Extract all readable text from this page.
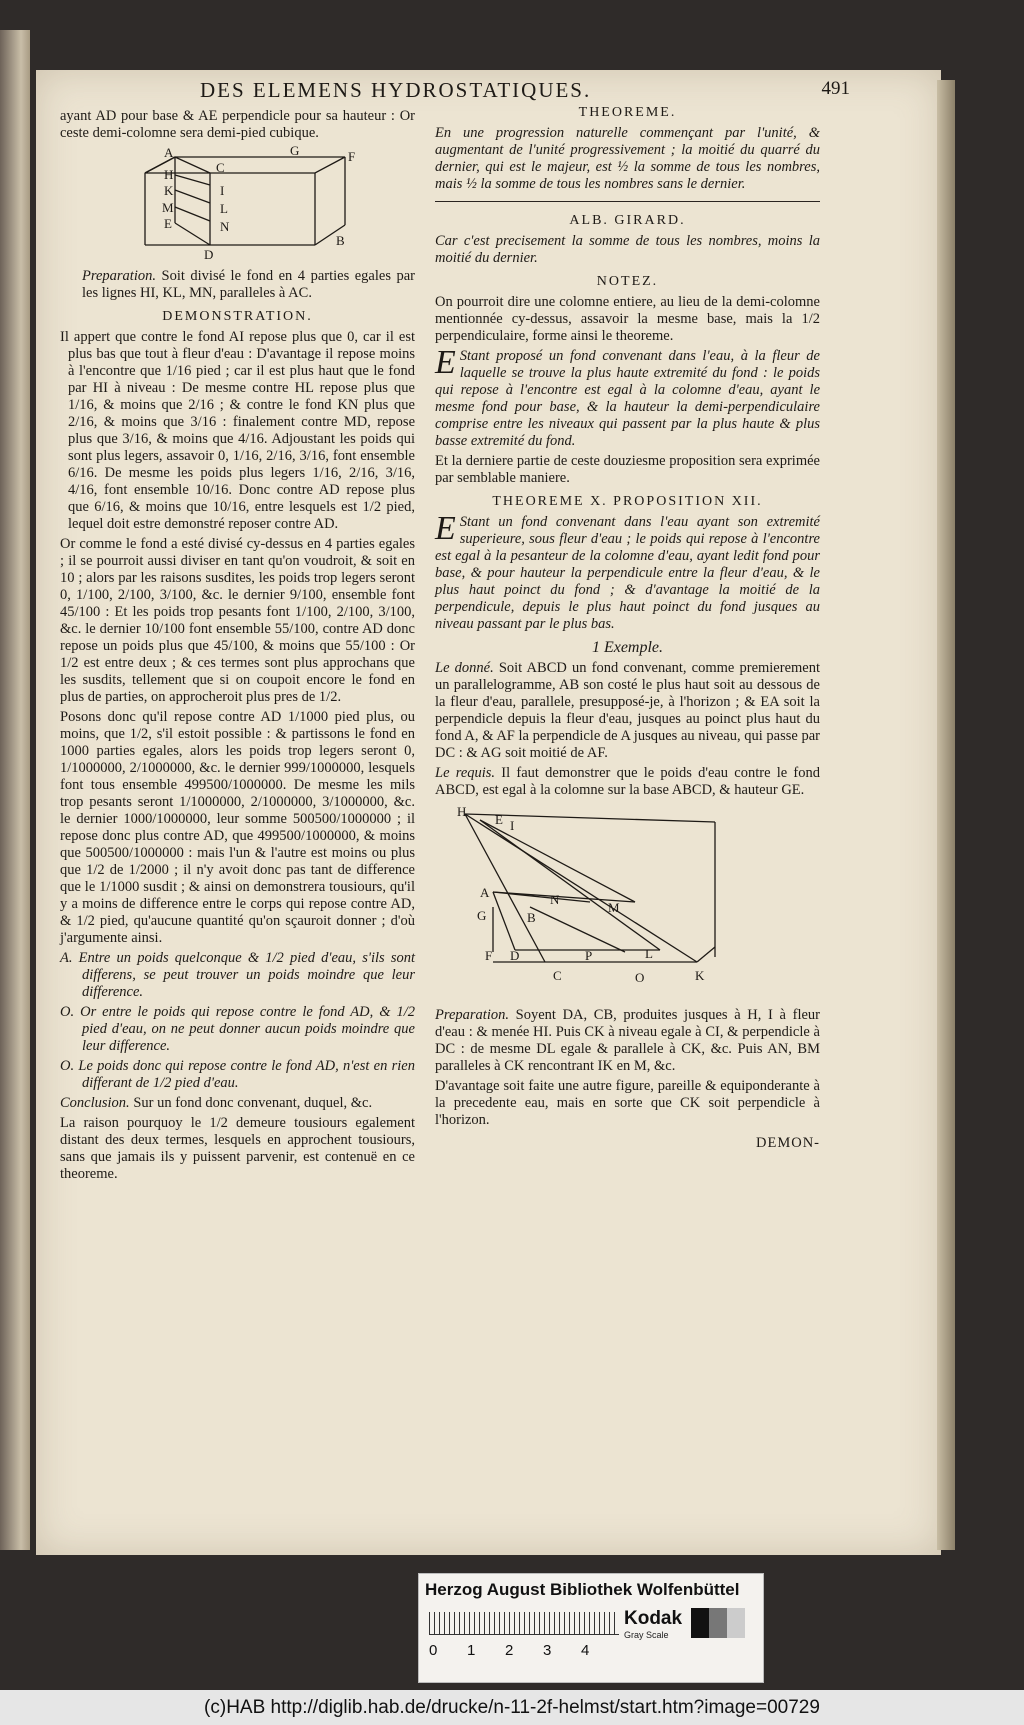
DES ELEMENS HYDROSTATIQUES.	491

ayant AD pour base & AE perpendicle pour sa hauteur : Or ceste demi-colomne sera demi-pied cubique.

A	G	F
H	C
I
K
L
M
N
E
D
B

Preparation. Soit divisé le fond en 4 parties egales par les lignes HI, KL, MN, paralleles à AC.

DEMONSTRATION.

Il appert que contre le fond AI repose plus que 0, car il est plus bas que tout à fleur d'eau : D'avantage il repose moins à l'encontre que 1/16 pied ; car il est plus haut que le fond par HI à niveau : De mesme contre HL repose plus que 1/16, & moins que 2/16 ; & contre le fond KN plus que 2/16, & moins que 3/16 : finalement contre MD, repose plus que 3/16, & moins que 4/16. Adjoustant les poids qui sont plus legers, assavoir 0, 1/16, 2/16, 3/16, font ensemble 6/16. De mesme les poids plus legers 1/16, 2/16, 3/16, 4/16, font ensemble 10/16. Donc contre AD repose plus que 6/16, & moins que 10/16, entre lesquels est 1/2 pied, lequel doit estre demonstré reposer contre AD.

Or comme le fond a esté divisé cy-dessus en 4 parties egales ; il se pourroit aussi diviser en tant qu'on voudroit, & soit en 10 ; alors par les raisons susdites, les poids trop legers seront 0, 1/100, 2/100, 3/100, &c. le dernier 9/100, ensemble font 45/100 : Et les poids trop pesants font 1/100, 2/100, 3/100, &c. le dernier 10/100 font ensemble 55/100, contre AD donc repose un poids plus que 45/100, & moins que 55/100 : Or 1/2 est entre deux ; & ces termes sont plus approchans que les susdits, tellement que si on coupoit encore le fond en plus de parties, on approcheroit plus pres de 1/2.

Posons donc qu'il repose contre AD 1/1000 pied plus, ou moins, que 1/2, s'il estoit possible : & partissons le fond en 1000 parties egales, alors les poids trop legers seront 0, 1/1000000, 2/1000000, &c. le dernier 999/1000000, lesquels font tous ensemble 499500/1000000. De mesme les mils trop pesants seront 1/1000000, 2/1000000, 3/1000000, &c. le dernier 1000/1000000, leur somme 500500/1000000 ; il repose donc plus contre AD, que 499500/1000000, & moins que 500500/1000000 : mais l'un & l'autre est moins ou plus que 1/2 de 1/2000 ; il n'y avoit donc pas tant de difference que le 1/1000 susdit ; & ainsi on demonstrera tousiours, qu'il y a moins de difference entre le corps qui repose contre AD, & 1/2 pied, qu'aucune quantité qu'on sçauroit donner ; d'où j'argumente ainsi.

A. Entre un poids quelconque & 1/2 pied d'eau, s'ils sont differens, se peut trouver un poids moindre que leur difference.

O. Or entre le poids qui repose contre le fond AD, & 1/2 pied d'eau, on ne peut donner aucun poids moindre que leur difference.

O. Le poids donc qui repose contre le fond AD, n'est en rien differant de 1/2 pied d'eau.

Conclusion. Sur un fond donc convenant, duquel, &c.

La raison pourquoy le 1/2 demeure tousiours egalement distant des deux termes, lesquels en approchent tousiours, sans que jamais ils y puissent parvenir, est contenuë en ce theoreme.

THEOREME.

En une progression naturelle commençant par l'unité, & augmentant de l'unité progressivement ; la moitié du quarré du dernier, qui est le majeur, est ½ la somme de tous les nombres, mais ½ la somme de tous les nombres sans le dernier.

ALB. GIRARD.

Car c'est precisement la somme de tous les nombres, moins la moitié du dernier.

NOTEZ.

On pourroit dire une colomne entiere, au lieu de la demi-colomne mentionnée cy-dessus, assavoir la mesme base, mais la 1/2 perpendiculaire, forme ainsi le theoreme.

E Stant proposé un fond convenant dans l'eau, à la fleur de laquelle se trouve la plus haute extremité du fond : le poids qui repose à l'encontre est egal à la colomne d'eau, ayant le mesme fond pour base, & la hauteur la demi-perpendiculaire comprise entre les niveaux qui passent par la plus haute & plus basse extremité du fond.

Et la derniere partie de ceste douziesme proposition sera exprimée par semblable maniere.

THEOREME X. PROPOSITION XII.

E Stant un fond convenant dans l'eau ayant son extremité superieure, sous fleur d'eau ; le poids qui repose à l'encontre est egal à la pesanteur de la colomne d'eau, ayant ledit fond pour base, & pour hauteur la perpendicule entre la fleur d'eau, & le plus haut poinct du fond ; & d'avantage la moitié de la perpendicule, depuis le plus haut poinct du fond jusques au niveau passant par le plus bas.

1 Exemple.

Le donné. Soit ABCD un fond convenant, comme premierement un parallelogramme, AB son costé le plus haut soit au dessous de la fleur d'eau, parallele, presupposé-je, à l'horizon ; & EA soit la perpendicle depuis la fleur d'eau, jusques au poinct plus haut du fond A, & AF la perpendicle de A jusques au niveau, qui passe par DC : & AG soit moitié de AF.

Le requis. Il faut demonstrer que le poids d'eau contre le fond ABCD, est egal à la colomne sur la base ABCD, & hauteur GE.

H
E I
A	N
M
G	B
F D	P	L
C	O	K

Preparation. Soyent DA, CB, produites jusques à H, I à fleur d'eau : & menée HI. Puis CK à niveau egale à CI, & perpendicle à DC : de mesme DL egale & parallele à CK, &c. Puis AN, BM paralleles à CK rencontrant IK en M, &c.

D'avantage soit faite une autre figure, pareille & equiponderante à la precedente eau, mais en sorte que CK soit perpendicle à l'horizon.

DEMON-
Herzog August Bibliothek Wolfenbüttel
0 1 2 3 4
Kodak
Gray Scale
(c)HAB http://diglib.hab.de/drucke/n-11-2f-helmst/start.htm?image=00729
